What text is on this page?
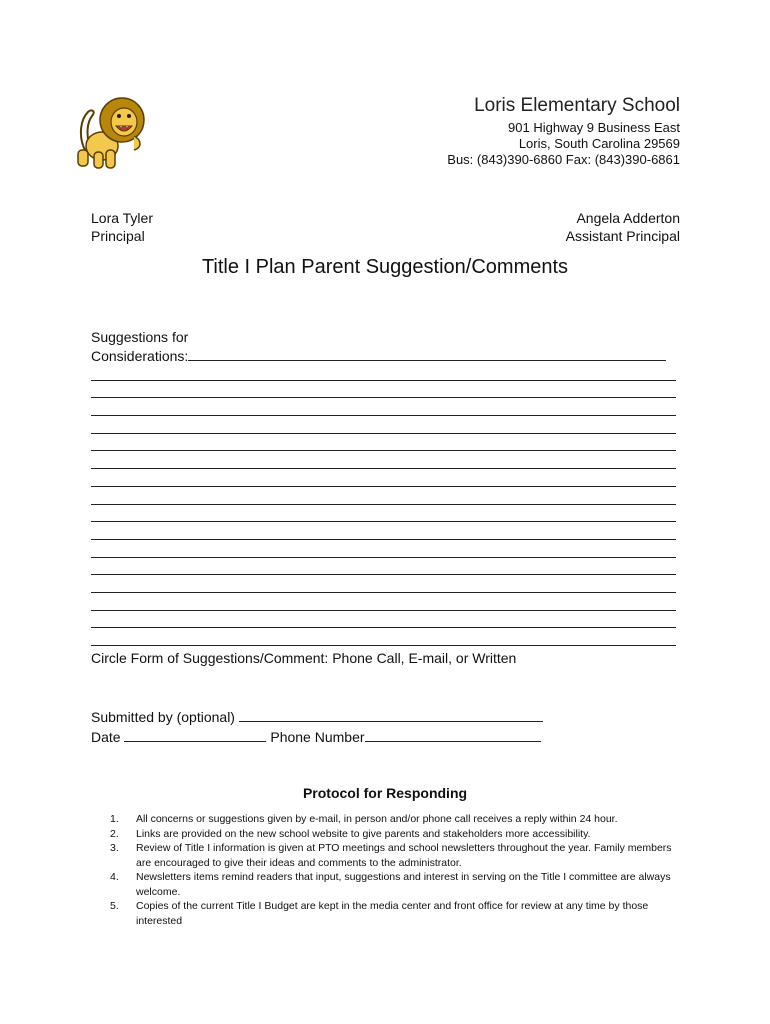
Loris Elementary School
901 Highway 9 Business East
Loris, South Carolina 29569
Bus: (843)390-6860 Fax: (843)390-6861
Lora Tyler
Principal
Angela Adderton
Assistant Principal
Title I Plan Parent Suggestion/Comments
Suggestions for
Considerations:
Circle Form of Suggestions/Comment: Phone Call, E-mail, or Written
Submitted by (optional)
Date	Phone Number
Protocol for Responding
1.	All concerns or suggestions given by e-mail, in person and/or phone call receives a reply within 24 hour.
2.	Links are provided on the new school website to give parents and stakeholders more accessibility.
3.	Review of Title I information is given at PTO meetings and school newsletters throughout the year. Family members are encouraged to give their ideas and comments to the administrator.
4.	Newsletters items remind readers that input, suggestions and interest in serving on the Title I committee are always welcome.
5.	Copies of the current Title I Budget are kept in the media center and front office for review at any time by those interested
